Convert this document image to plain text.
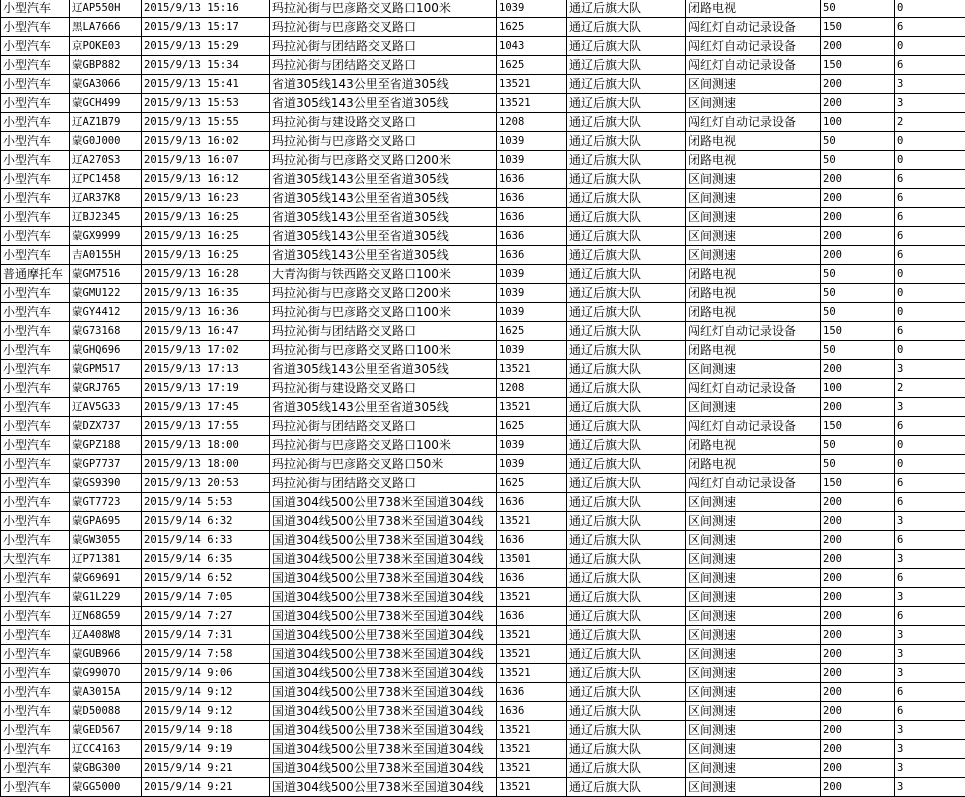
小型汽车	辽AP550H	2015/9/13 15:16	玛拉沁街与巴彦路交叉路口100米	1039	通辽后旗大队	闭路电视	50	0
小型汽车	黑LA7666	2015/9/13 15:17	玛拉沁街与巴彦路交叉路口	1625	通辽后旗大队	闯红灯自动记录设备	150	6
小型汽车	京POKE03	2015/9/13 15:29	玛拉沁街与团结路交叉路口	1043	通辽后旗大队	闯红灯自动记录设备	200	0
小型汽车	蒙GBP882	2015/9/13 15:34	玛拉沁街与团结路交叉路口	1625	通辽后旗大队	闯红灯自动记录设备	150	6
小型汽车	蒙GA3066	2015/9/13 15:41	省道305线143公里至省道305线	13521	通辽后旗大队	区间测速	200	3
小型汽车	蒙GCH499	2015/9/13 15:53	省道305线143公里至省道305线	13521	通辽后旗大队	区间测速	200	3
小型汽车	辽AZ1B79	2015/9/13 15:55	玛拉沁街与建设路交叉路口	1208	通辽后旗大队	闯红灯自动记录设备	100	2
小型汽车	蒙G0J000	2015/9/13 16:02	玛拉沁街与巴彦路交叉路口	1039	通辽后旗大队	闭路电视	50	0
小型汽车	辽A270S3	2015/9/13 16:07	玛拉沁街与巴彦路交叉路口200米	1039	通辽后旗大队	闭路电视	50	0
小型汽车	辽PC1458	2015/9/13 16:12	省道305线143公里至省道305线	1636	通辽后旗大队	区间测速	200	6
小型汽车	辽AR37K8	2015/9/13 16:23	省道305线143公里至省道305线	1636	通辽后旗大队	区间测速	200	6
小型汽车	辽BJ2345	2015/9/13 16:25	省道305线143公里至省道305线	1636	通辽后旗大队	区间测速	200	6
小型汽车	蒙GX9999	2015/9/13 16:25	省道305线143公里至省道305线	1636	通辽后旗大队	区间测速	200	6
小型汽车	吉A0155H	2015/9/13 16:25	省道305线143公里至省道305线	1636	通辽后旗大队	区间测速	200	6
普通摩托车	蒙GM7516	2015/9/13 16:28	大青沟街与铁西路交叉路口100米	1039	通辽后旗大队	闭路电视	50	0
小型汽车	蒙GMU122	2015/9/13 16:35	玛拉沁街与巴彦路交叉路口200米	1039	通辽后旗大队	闭路电视	50	0
小型汽车	蒙GY4412	2015/9/13 16:36	玛拉沁街与巴彦路交叉路口100米	1039	通辽后旗大队	闭路电视	50	0
小型汽车	蒙G73168	2015/9/13 16:47	玛拉沁街与团结路交叉路口	1625	通辽后旗大队	闯红灯自动记录设备	150	6
小型汽车	蒙GHQ696	2015/9/13 17:02	玛拉沁街与巴彦路交叉路口100米	1039	通辽后旗大队	闭路电视	50	0
小型汽车	蒙GPM517	2015/9/13 17:13	省道305线143公里至省道305线	13521	通辽后旗大队	区间测速	200	3
小型汽车	蒙GRJ765	2015/9/13 17:19	玛拉沁街与建设路交叉路口	1208	通辽后旗大队	闯红灯自动记录设备	100	2
小型汽车	辽AV5G33	2015/9/13 17:45	省道305线143公里至省道305线	13521	通辽后旗大队	区间测速	200	3
小型汽车	蒙DZX737	2015/9/13 17:55	玛拉沁街与团结路交叉路口	1625	通辽后旗大队	闯红灯自动记录设备	150	6
小型汽车	蒙GPZ188	2015/9/13 18:00	玛拉沁街与巴彦路交叉路口100米	1039	通辽后旗大队	闭路电视	50	0
小型汽车	蒙GP7737	2015/9/13 18:00	玛拉沁街与巴彦路交叉路口50米	1039	通辽后旗大队	闭路电视	50	0
小型汽车	蒙GS9390	2015/9/13 20:53	玛拉沁街与团结路交叉路口	1625	通辽后旗大队	闯红灯自动记录设备	150	6
小型汽车	蒙GT7723	2015/9/14 5:53	国道304线500公里738米至国道304线	1636	通辽后旗大队	区间测速	200	6
小型汽车	蒙GPA695	2015/9/14 6:32	国道304线500公里738米至国道304线	13521	通辽后旗大队	区间测速	200	3
小型汽车	蒙GW3055	2015/9/14 6:33	国道304线500公里738米至国道304线	1636	通辽后旗大队	区间测速	200	6
大型汽车	辽P71381	2015/9/14 6:35	国道304线500公里738米至国道304线	13501	通辽后旗大队	区间测速	200	3
小型汽车	蒙G69691	2015/9/14 6:52	国道304线500公里738米至国道304线	1636	通辽后旗大队	区间测速	200	6
小型汽车	蒙G1L229	2015/9/14 7:05	国道304线500公里738米至国道304线	13521	通辽后旗大队	区间测速	200	3
小型汽车	辽N68G59	2015/9/14 7:27	国道304线500公里738米至国道304线	1636	通辽后旗大队	区间测速	200	6
小型汽车	辽A408W8	2015/9/14 7:31	国道304线500公里738米至国道304线	13521	通辽后旗大队	区间测速	200	3
小型汽车	蒙GUB966	2015/9/14 7:58	国道304线500公里738米至国道304线	13521	通辽后旗大队	区间测速	200	3
小型汽车	蒙G9907O	2015/9/14 9:06	国道304线500公里738米至国道304线	13521	通辽后旗大队	区间测速	200	3
小型汽车	蒙A3015A	2015/9/14 9:12	国道304线500公里738米至国道304线	1636	通辽后旗大队	区间测速	200	6
小型汽车	蒙D50088	2015/9/14 9:12	国道304线500公里738米至国道304线	1636	通辽后旗大队	区间测速	200	6
小型汽车	蒙GED567	2015/9/14 9:18	国道304线500公里738米至国道304线	13521	通辽后旗大队	区间测速	200	3
小型汽车	辽CC4163	2015/9/14 9:19	国道304线500公里738米至国道304线	13521	通辽后旗大队	区间测速	200	3
小型汽车	蒙GBG300	2015/9/14 9:21	国道304线500公里738米至国道304线	13521	通辽后旗大队	区间测速	200	3
小型汽车	蒙GG5000	2015/9/14 9:21	国道304线500公里738米至国道304线	13521	通辽后旗大队	区间测速	200	3
